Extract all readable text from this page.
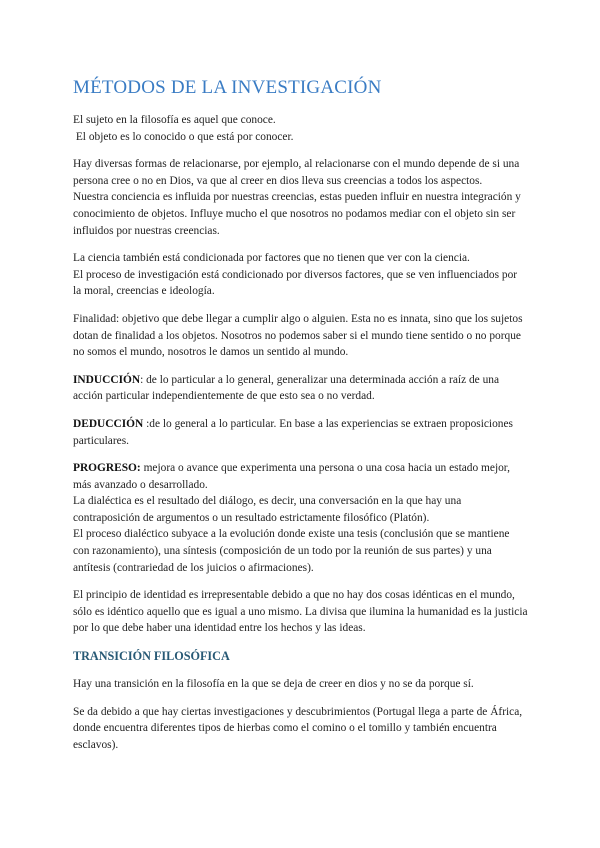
MÉTODOS DE LA INVESTIGACIÓN

El sujeto en la filosofía es aquel que conoce.
El objeto es lo conocido o que está por conocer.

Hay diversas formas de relacionarse, por ejemplo, al relacionarse con el mundo depende de si una persona cree o no en Dios, va que al creer en dios lleva sus creencias a todos los aspectos.

Nuestra conciencia es influida por nuestras creencias, estas pueden influir en nuestra integración y conocimiento de objetos. Influye mucho el que nosotros no podamos mediar con el objeto sin ser influidos por nuestras creencias.

La ciencia también está condicionada por factores que no tienen que ver con la ciencia.
El proceso de investigación está condicionado por diversos factores, que se ven influenciados por la moral, creencias e ideología.

Finalidad: objetivo que debe llegar a cumplir algo o alguien. Esta no es innata, sino que los sujetos dotan de finalidad a los objetos. Nosotros no podemos saber si el mundo tiene sentido o no porque no somos el mundo, nosotros le damos un sentido al mundo.

INDUCCIÓN: de lo particular a lo general, generalizar una determinada acción a raíz de una acción particular independientemente de que esto sea o no verdad.

DEDUCCIÓN :de lo general a lo particular. En base a las experiencias se extraen proposiciones particulares.

PROGRESO: mejora o avance que experimenta una persona o una cosa hacia un estado mejor, más avanzado o desarrollado.

La dialéctica es el resultado del diálogo, es decir, una conversación en la que hay una contraposición de argumentos o un resultado estrictamente filosófico (Platón).

El proceso dialéctico subyace a la evolución donde existe una tesis (conclusión que se mantiene con razonamiento), una síntesis (composición de un todo por la reunión de sus partes) y una antítesis (contrariedad de los juicios o afirmaciones).

El principio de identidad es irrepresentable debido a que no hay dos cosas idénticas en el mundo, sólo es idéntico aquello que es igual a uno mismo. La divisa que ilumina la humanidad es la justicia por lo que debe haber una identidad entre los hechos y las ideas.

TRANSICIÓN FILOSÓFICA

Hay una transición en la filosofía en la que se deja de creer en dios y no se da porque sí.

Se da debido a que hay ciertas investigaciones y descubrimientos (Portugal llega a parte de África, donde encuentra diferentes tipos de hierbas como el comino o el tomillo y también encuentra esclavos).
